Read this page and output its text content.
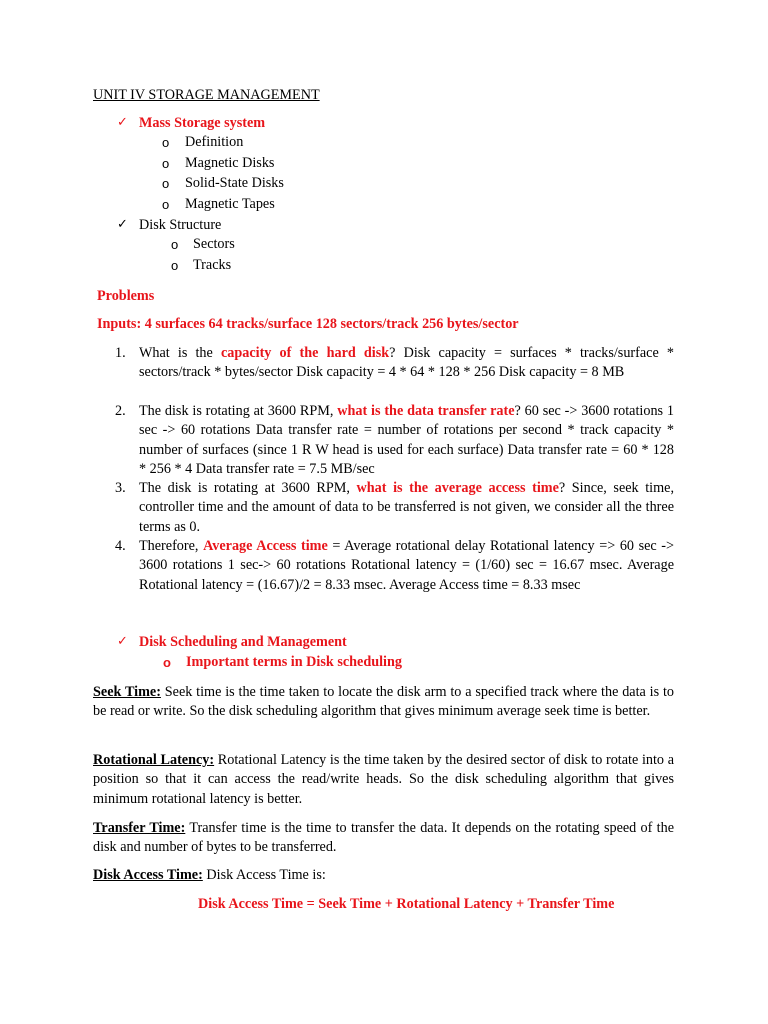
UNIT IV STORAGE MANAGEMENT
✓ Mass Storage system
o Definition
o Magnetic Disks
o Solid-State Disks
o Magnetic Tapes
✓ Disk Structure
o Sectors
o Tracks
Problems
Inputs: 4 surfaces 64 tracks/surface 128 sectors/track 256 bytes/sector
1. What is the capacity of the hard disk? Disk capacity = surfaces * tracks/surface * sectors/track * bytes/sector Disk capacity = 4 * 64 * 128 * 256 Disk capacity = 8 MB
2. The disk is rotating at 3600 RPM, what is the data transfer rate? 60 sec -> 3600 rotations 1 sec -> 60 rotations Data transfer rate = number of rotations per second * track capacity * number of surfaces (since 1 R W head is used for each surface) Data transfer rate = 60 * 128 * 256 * 4 Data transfer rate = 7.5 MB/sec
3. The disk is rotating at 3600 RPM, what is the average access time? Since, seek time, controller time and the amount of data to be transferred is not given, we consider all the three terms as 0.
4. Therefore, Average Access time = Average rotational delay Rotational latency => 60 sec -> 3600 rotations 1 sec-> 60 rotations Rotational latency = (1/60) sec = 16.67 msec. Average Rotational latency = (16.67)/2 = 8.33 msec. Average Access time = 8.33 msec
✓ Disk Scheduling and Management
o Important terms in Disk scheduling
Seek Time: Seek time is the time taken to locate the disk arm to a specified track where the data is to be read or write. So the disk scheduling algorithm that gives minimum average seek time is better.
Rotational Latency: Rotational Latency is the time taken by the desired sector of disk to rotate into a position so that it can access the read/write heads. So the disk scheduling algorithm that gives minimum rotational latency is better.
Transfer Time: Transfer time is the time to transfer the data. It depends on the rotating speed of the disk and number of bytes to be transferred.
Disk Access Time: Disk Access Time is:
Disk Access Time = Seek Time + Rotational Latency + Transfer Time
